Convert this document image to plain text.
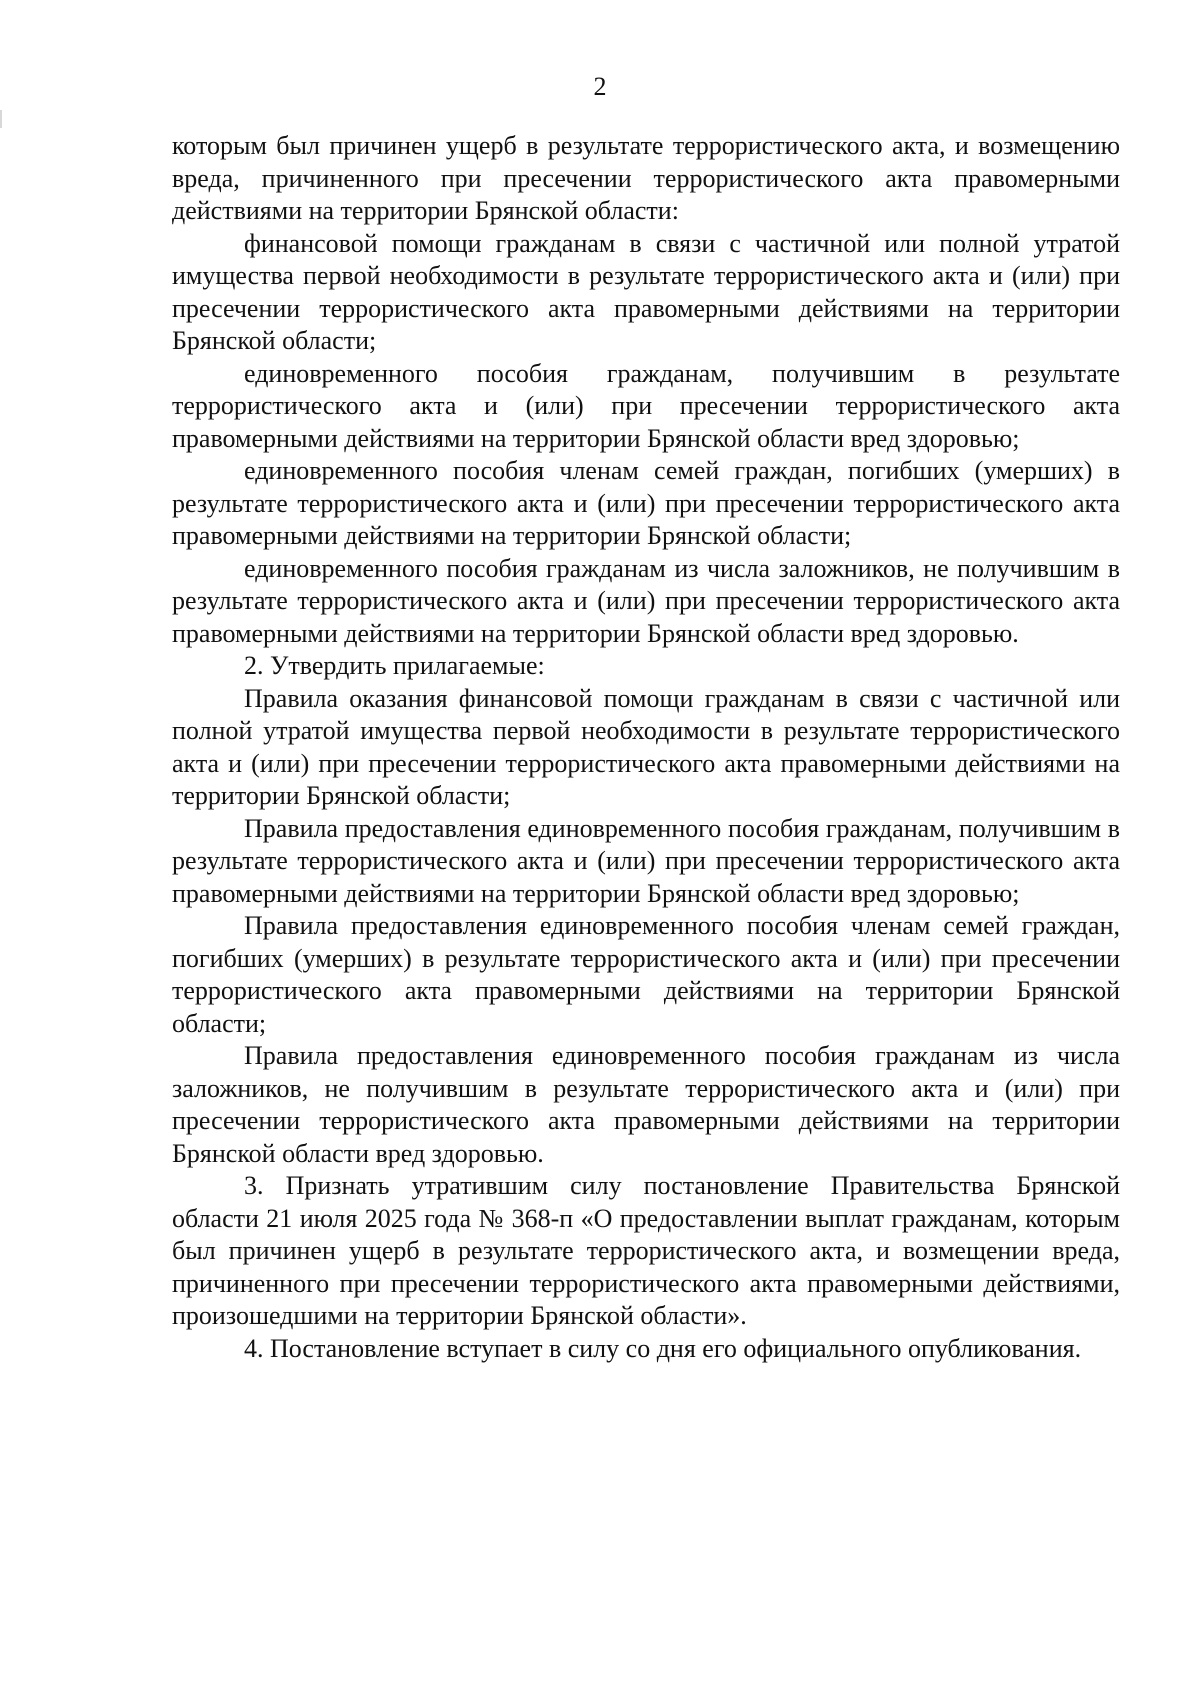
2

которым был причинен ущерб в результате террористического акта, и возмещению вреда, причиненного при пресечении террористического акта правомерными действиями на территории Брянской области:

финансовой помощи гражданам в связи с частичной или полной утратой имущества первой необходимости в результате террористического акта и (или) при пресечении террористического акта правомерными действиями на территории Брянской области;

единовременного пособия гражданам, получившим в результате террористического акта и (или) при пресечении террористического акта правомерными действиями на территории Брянской области вред здоровью;

единовременного пособия членам семей граждан, погибших (умерших) в результате террористического акта и (или) при пресечении террористического акта правомерными действиями на территории Брянской области;

единовременного пособия гражданам из числа заложников, не получившим в результате террористического акта и (или) при пресечении террористического акта правомерными действиями на территории Брянской области вред здоровью.

2. Утвердить прилагаемые:

Правила оказания финансовой помощи гражданам в связи с частичной или полной утратой имущества первой необходимости в результате террористического акта и (или) при пресечении террористического акта правомерными действиями на территории Брянской области;

Правила предоставления единовременного пособия гражданам, получившим в результате террористического акта и (или) при пресечении террористического акта правомерными действиями на территории Брянской области вред здоровью;

Правила предоставления единовременного пособия членам семей граждан, погибших (умерших) в результате террористического акта и (или) при пресечении террористического акта правомерными действиями на территории Брянской области;

Правила предоставления единовременного пособия гражданам из числа заложников, не получившим в результате террористического акта и (или) при пресечении террористического акта правомерными действиями на территории Брянской области вред здоровью.

3. Признать утратившим силу постановление Правительства Брянской области 21 июля 2025 года № 368-п «О предоставлении выплат гражданам, которым был причинен ущерб в результате террористического акта, и возмещении вреда, причиненного при пресечении террористического акта правомерными действиями, произошедшими на территории Брянской области».

4. Постановление вступает в силу со дня его официального опубликования.
